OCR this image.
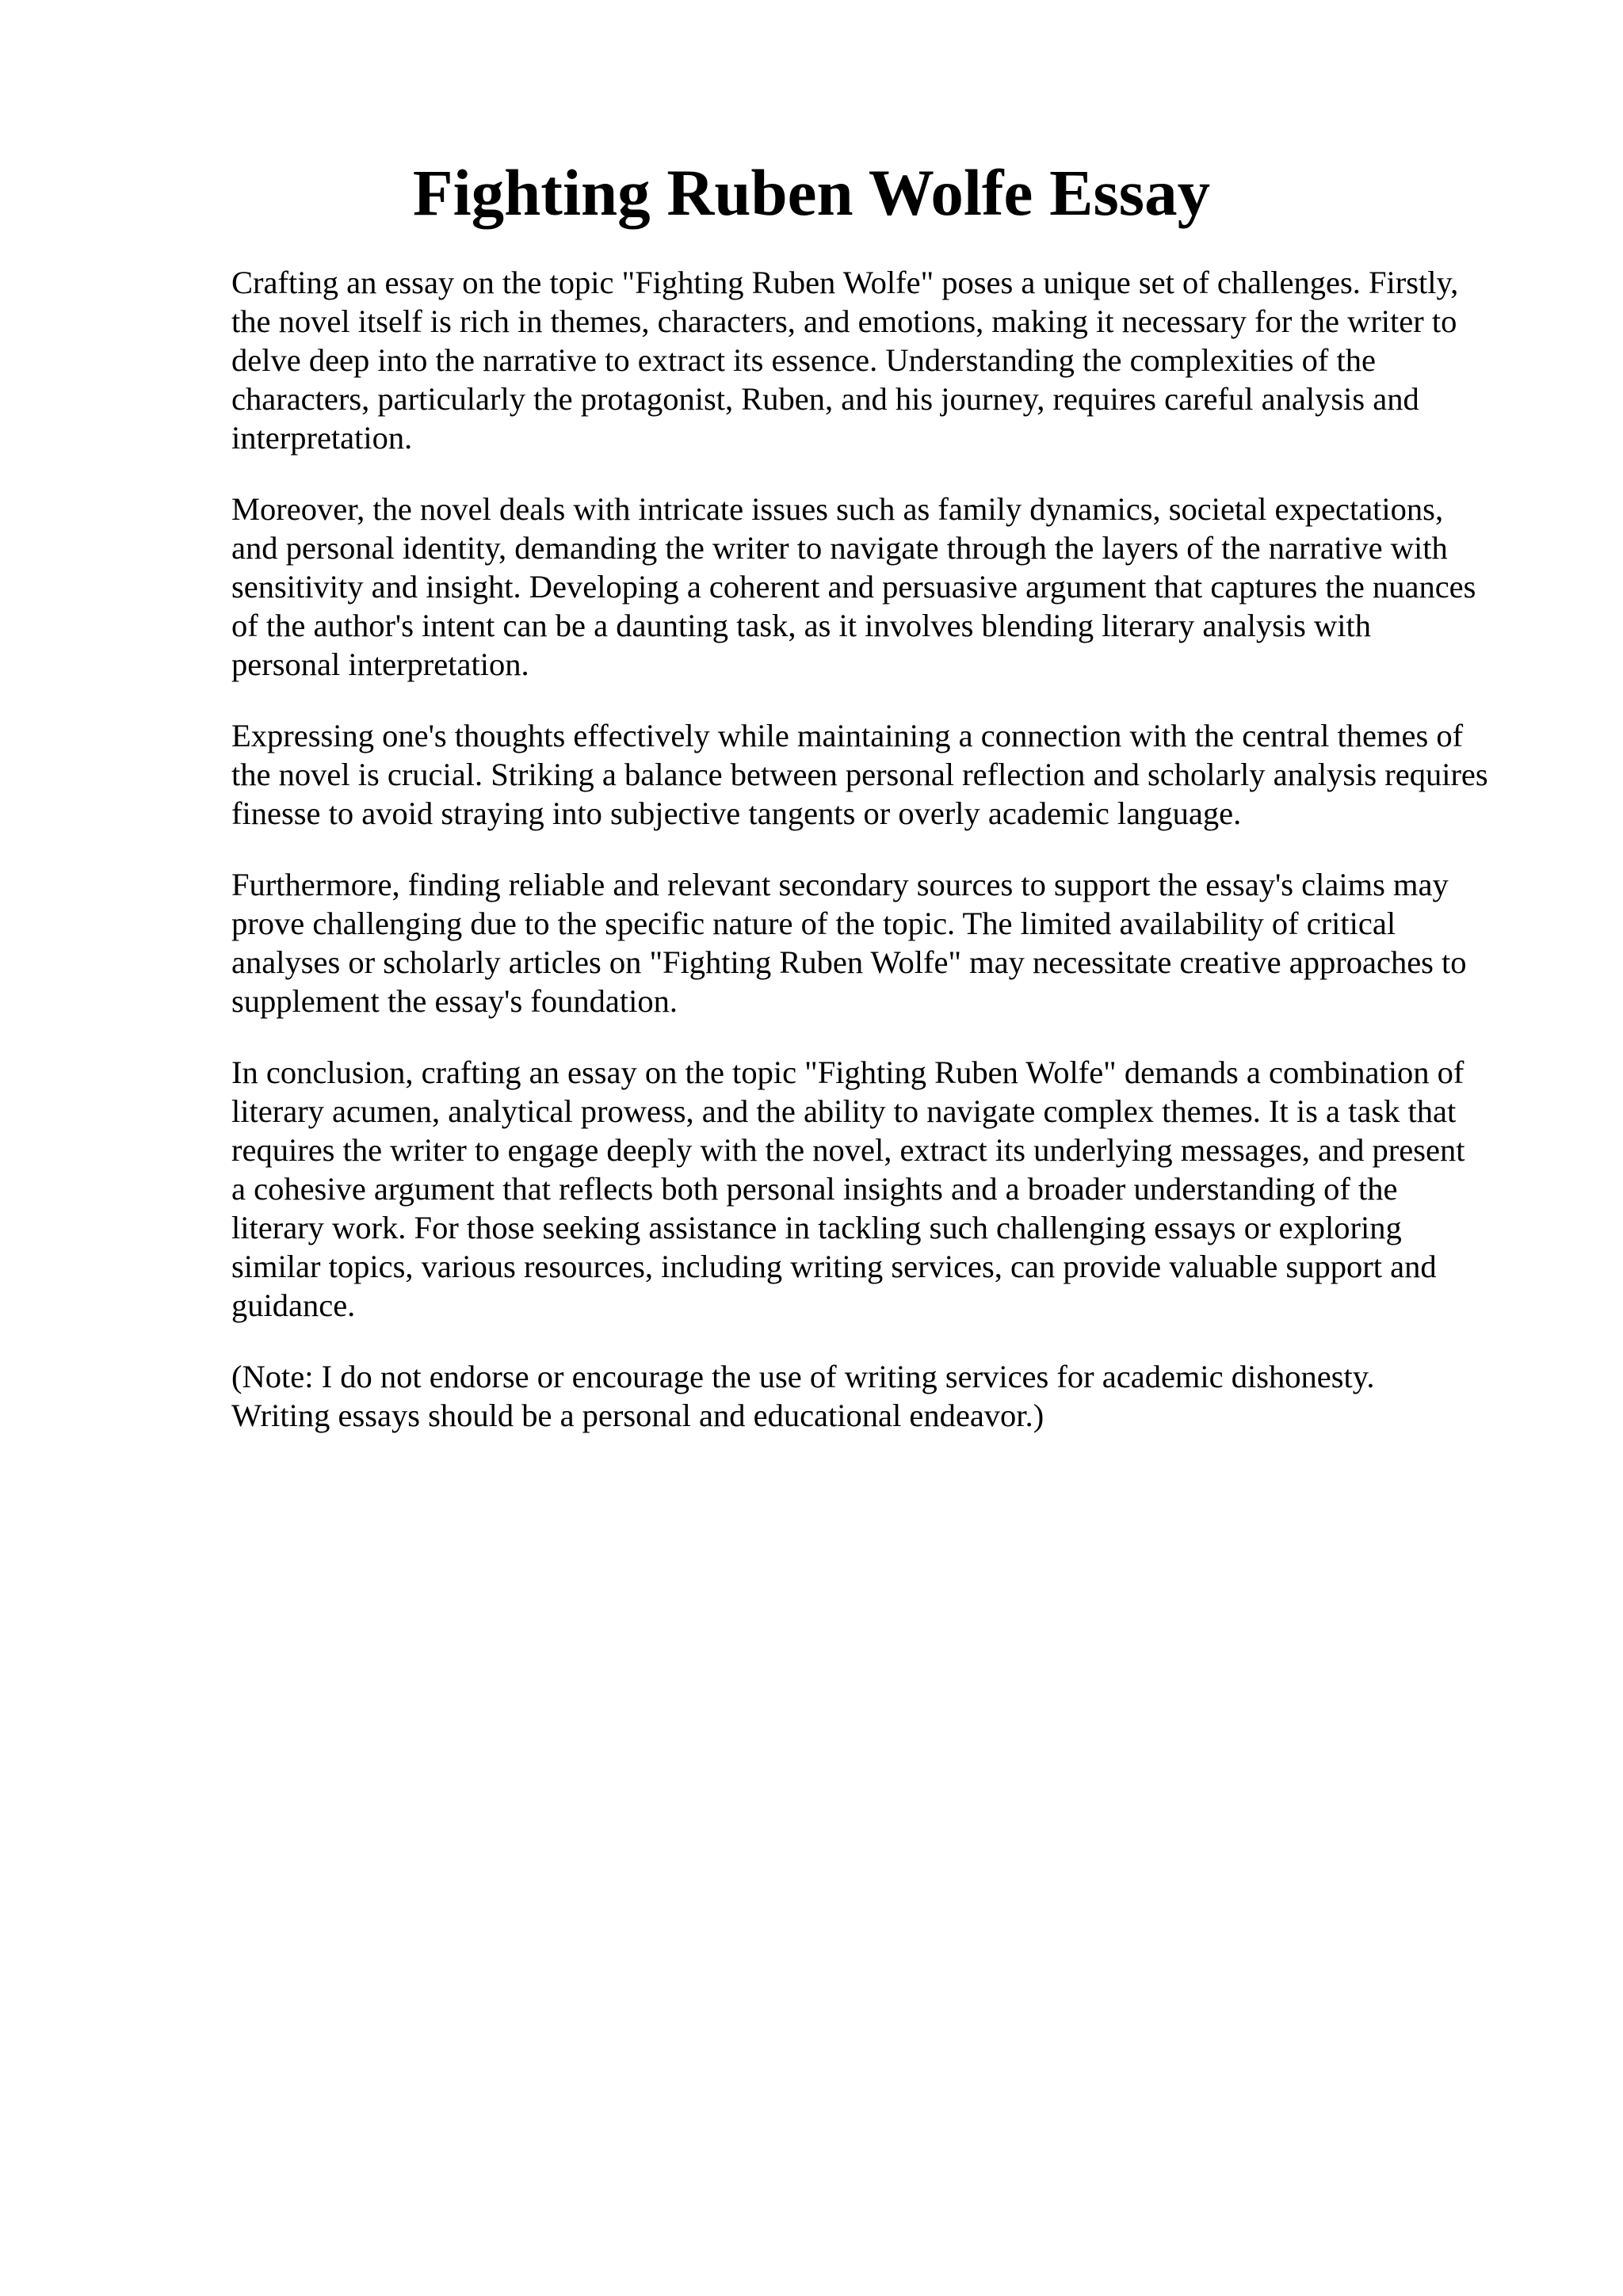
Fighting Ruben Wolfe Essay

Crafting an essay on the topic "Fighting Ruben Wolfe" poses a unique set of challenges. Firstly,
the novel itself is rich in themes, characters, and emotions, making it necessary for the writer to
delve deep into the narrative to extract its essence. Understanding the complexities of the
characters, particularly the protagonist, Ruben, and his journey, requires careful analysis and
interpretation.

Moreover, the novel deals with intricate issues such as family dynamics, societal expectations,
and personal identity, demanding the writer to navigate through the layers of the narrative with
sensitivity and insight. Developing a coherent and persuasive argument that captures the nuances
of the author's intent can be a daunting task, as it involves blending literary analysis with
personal interpretation.

Expressing one's thoughts effectively while maintaining a connection with the central themes of
the novel is crucial. Striking a balance between personal reflection and scholarly analysis requires
finesse to avoid straying into subjective tangents or overly academic language.

Furthermore, finding reliable and relevant secondary sources to support the essay's claims may
prove challenging due to the specific nature of the topic. The limited availability of critical
analyses or scholarly articles on "Fighting Ruben Wolfe" may necessitate creative approaches to
supplement the essay's foundation.

In conclusion, crafting an essay on the topic "Fighting Ruben Wolfe" demands a combination of
literary acumen, analytical prowess, and the ability to navigate complex themes. It is a task that
requires the writer to engage deeply with the novel, extract its underlying messages, and present
a cohesive argument that reflects both personal insights and a broader understanding of the
literary work. For those seeking assistance in tackling such challenging essays or exploring
similar topics, various resources, including writing services, can provide valuable support and
guidance.

(Note: I do not endorse or encourage the use of writing services for academic dishonesty.
Writing essays should be a personal and educational endeavor.)
